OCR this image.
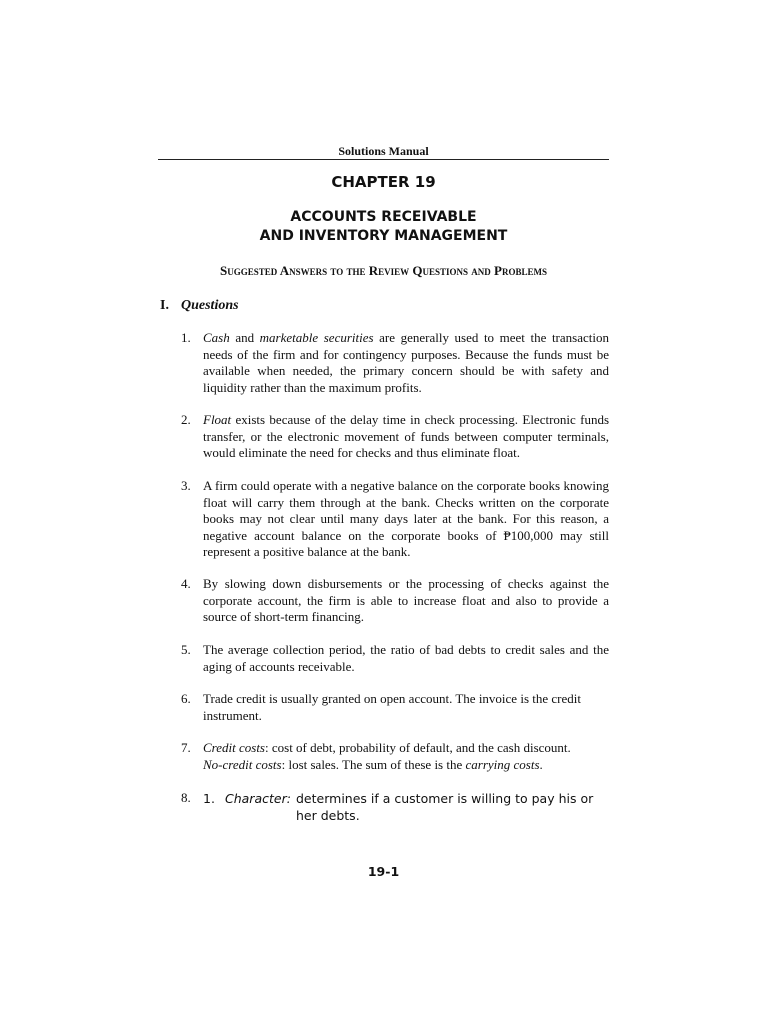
Solutions Manual
CHAPTER 19
ACCOUNTS RECEIVABLE
AND INVENTORY MANAGEMENT
Suggested Answers to the Review Questions and Problems
I. Questions
1. Cash and marketable securities are generally used to meet the transaction needs of the firm and for contingency purposes. Because the funds must be available when needed, the primary concern should be with safety and liquidity rather than the maximum profits.
2. Float exists because of the delay time in check processing. Electronic funds transfer, or the electronic movement of funds between computer terminals, would eliminate the need for checks and thus eliminate float.
3. A firm could operate with a negative balance on the corporate books knowing float will carry them through at the bank. Checks written on the corporate books may not clear until many days later at the bank. For this reason, a negative account balance on the corporate books of ₱100,000 may still represent a positive balance at the bank.
4. By slowing down disbursements or the processing of checks against the corporate account, the firm is able to increase float and also to provide a source of short-term financing.
5. The average collection period, the ratio of bad debts to credit sales and the aging of accounts receivable.
6. Trade credit is usually granted on open account. The invoice is the credit instrument.
7. Credit costs: cost of debt, probability of default, and the cash discount.
No-credit costs: lost sales. The sum of these is the carrying costs.
8. 1. Character: determines if a customer is willing to pay his or her debts.
19-1
